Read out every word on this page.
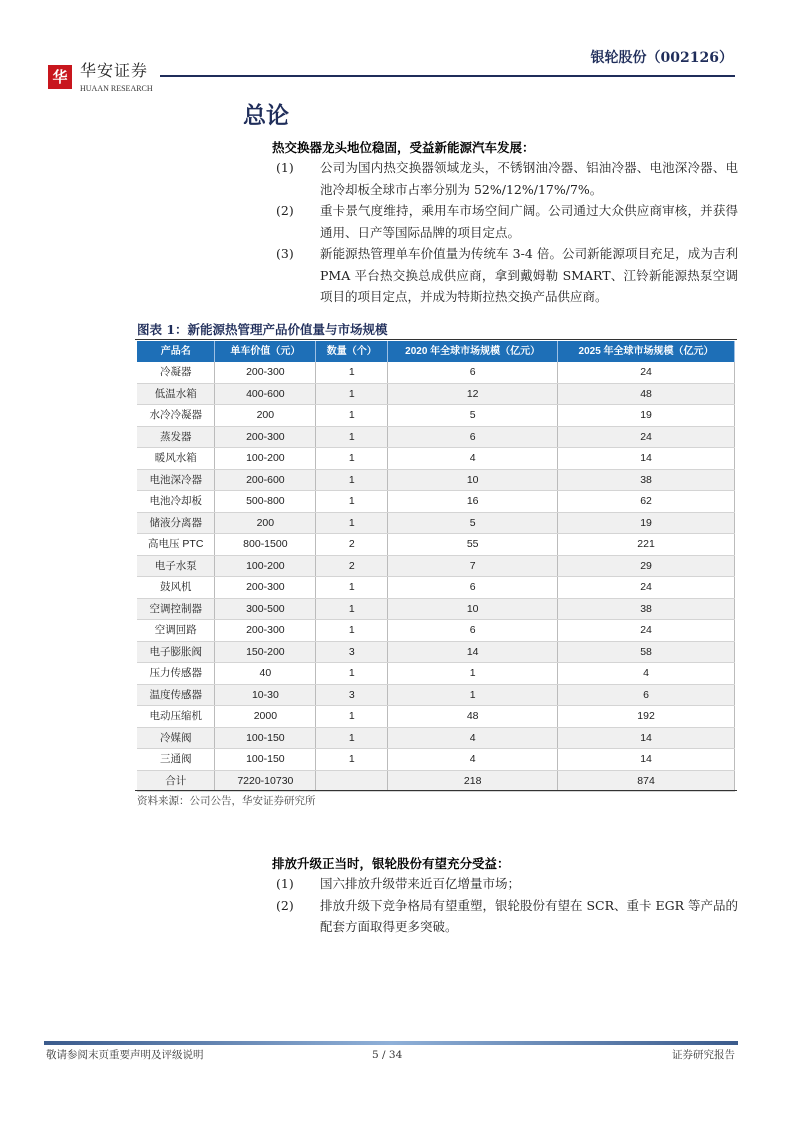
华 华安证券
HUAAN RESEARCH
银轮股份（002126）
总论
热交换器龙头地位稳固，受益新能源汽车发展：
(1) 公司为国内热交换器领域龙头，不锈钢油冷器、铝油冷器、电池深冷器、电池冷却板全球市占率分别为 52%/12%/17%/7%。
(2) 重卡景气度维持，乘用车市场空间广阔。公司通过大众供应商审核，并获得通用、日产等国际品牌的项目定点。
(3) 新能源热管理单车价值量为传统车 3-4 倍。公司新能源项目充足，成为吉利 PMA 平台热交换总成供应商，拿到戴姆勒 SMART、江铃新能源热泵空调项目的项目定点，并成为特斯拉热交换产品供应商。
图表 1：新能源热管理产品价值量与市场规模
产品名	单车价值（元）	数量（个）	2020 年全球市场规模（亿元）	2025 年全球市场规模（亿元）
冷凝器	200-300	1	6	24
低温水箱	400-600	1	12	48
水冷冷凝器	200	1	5	19
蒸发器	200-300	1	6	24
暖风水箱	100-200	1	4	14
电池深冷器	200-600	1	10	38
电池冷却板	500-800	1	16	62
储液分离器	200	1	5	19
高电压 PTC	800-1500	2	55	221
电子水泵	100-200	2	7	29
鼓风机	200-300	1	6	24
空调控制器	300-500	1	10	38
空调回路	200-300	1	6	24
电子膨胀阀	150-200	3	14	58
压力传感器	40	1	1	4
温度传感器	10-30	3	1	6
电动压缩机	2000	1	48	192
冷媒阀	100-150	1	4	14
三通阀	100-150	1	4	14
合计	7220-10730		218	874
资料来源：公司公告，华安证券研究所
排放升级正当时，银轮股份有望充分受益：
(1) 国六排放升级带来近百亿增量市场；
(2) 排放升级下竞争格局有望重塑，银轮股份有望在 SCR、重卡 EGR 等产品的配套方面取得更多突破。
敬请参阅末页重要声明及评级说明	5 / 34	证券研究报告
